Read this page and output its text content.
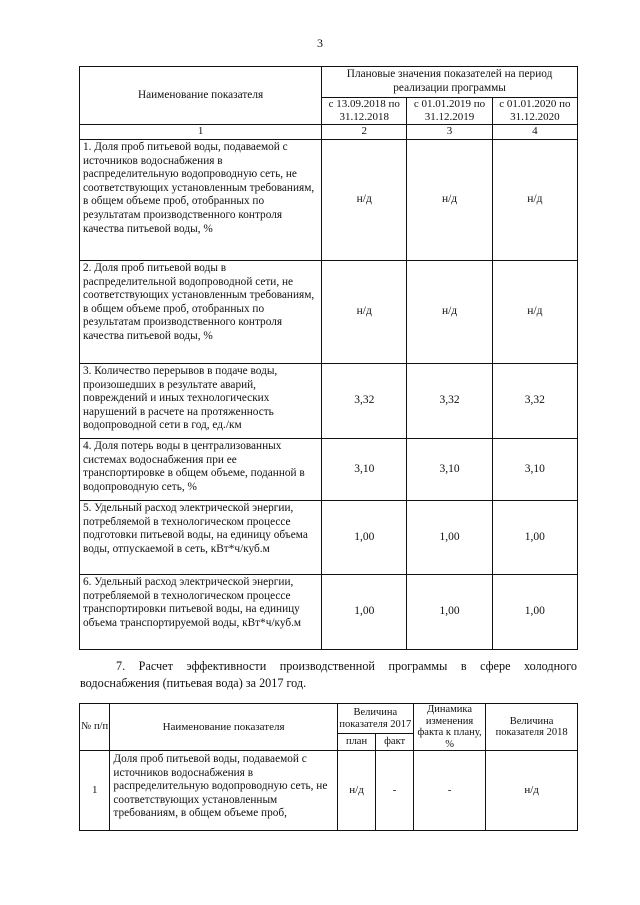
3
Наименование показателя	Плановые значения показателей на период реализации программы		
	с 13.09.2018 по 31.12.2018	с 01.01.2019 по 31.12.2019	с 01.01.2020 по 31.12.2020
1	2	3	4
1. Доля проб питьевой воды, подаваемой с источников водоснабжения в распределительную водопроводную сеть, не соответствующих установленным требованиям, в общем объеме проб, отобранных по результатам производственного контроля качества питьевой воды, %	н/д	н/д	н/д
2. Доля проб питьевой воды в распределительной водопроводной сети, не соответствующих установленным требованиям, в общем объеме проб, отобранных по результатам производственного контроля качества питьевой воды, %	н/д	н/д	н/д
3. Количество перерывов в подаче воды, произошедших в результате аварий, повреждений и иных технологических нарушений в расчете на протяженность водопроводной сети в год, ед./км	3,32	3,32	3,32
4. Доля потерь воды в централизованных системах водоснабжения при ее транспортировке в общем объеме, поданной в водопроводную сеть, %	3,10	3,10	3,10
5. Удельный расход электрической энергии, потребляемой в технологическом процессе подготовки питьевой воды, на единицу объема воды, отпускаемой в сеть, кВт*ч/куб.м	1,00	1,00	1,00
6. Удельный расход электрической энергии, потребляемой в технологическом процессе транспортировки питьевой воды, на единицу объема транспортируемой воды, кВт*ч/куб.м	1,00	1,00	1,00
7. Расчет эффективности производственной программы в сфере холодного
водоснабжения (питьевая вода) за 2017 год.
№ п/п	Наименование показателя	Величина показателя 2017		Динамика изменения факта к плану, %	Величина показателя 2018
		план	факт		
1	Доля проб питьевой воды, подаваемой с источников водоснабжения в распределительную водопроводную сеть, не соответствующих установленным требованиям, в общем объеме проб,	н/д	-	-	н/д
